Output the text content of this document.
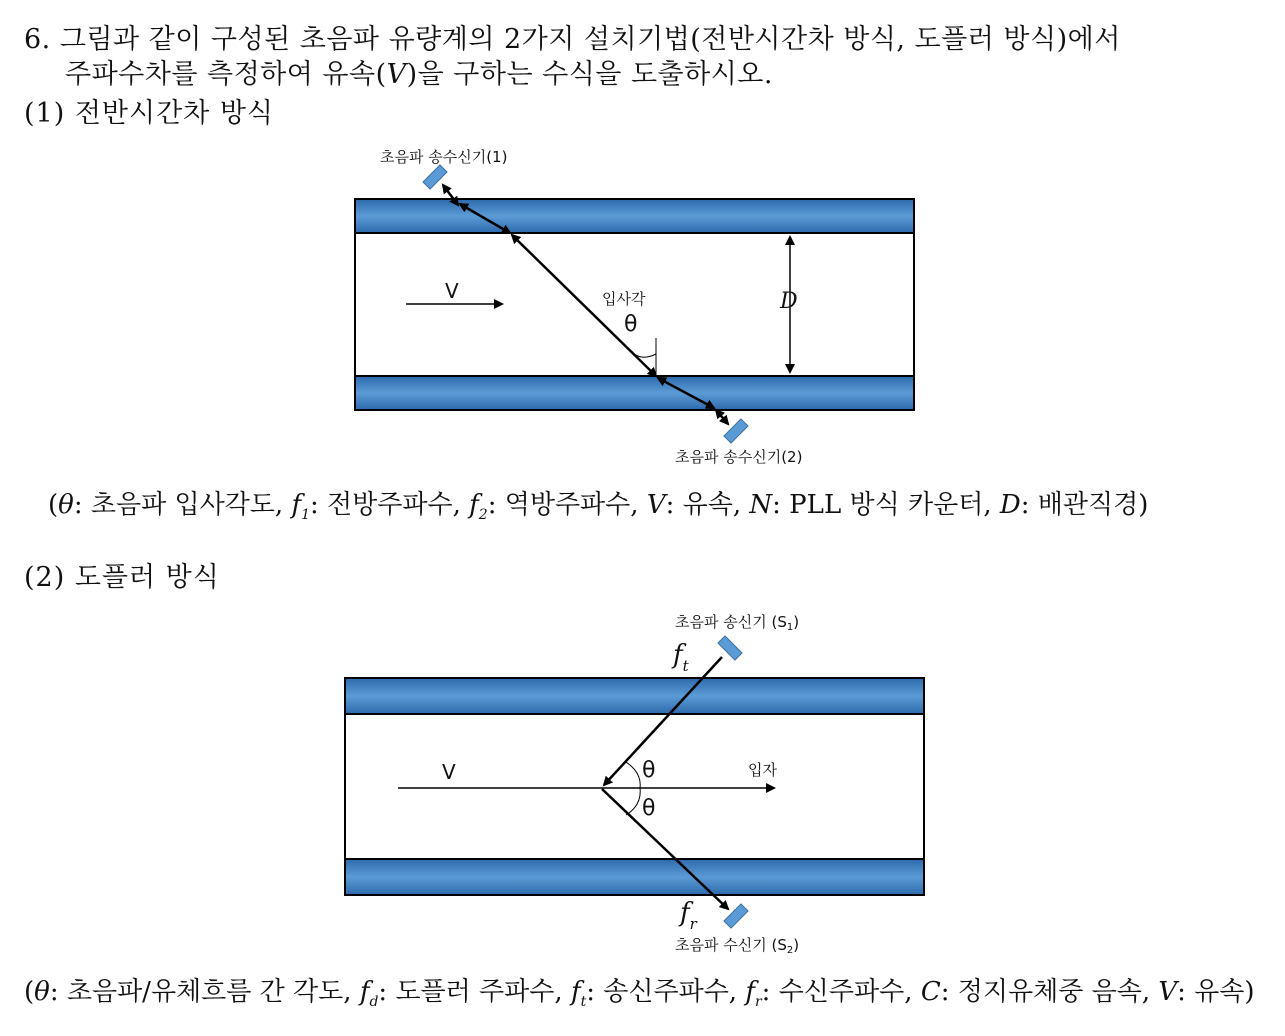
6. 그림과 같이 구성된 초음파 유량계의 2가지 설치기법(전반시간차 방식, 도플러 방식)에서
주파수차를 측정하여 유속(V)을 구하는 수식을 도출하시오.
(1) 전반시간차 방식
초음파 송수신기(1)
초음파 송수신기(2)
V	입사각
θ
D
(θ: 초음파 입사각도, $f_1$: 전방주파수, $f_2$: 역방주파수, V: 유속, N: PLL 방식 카운터, D: 배관직경)
(2) 도플러 방식
초음파 송신기 $(S_1)$
초음파 수신기 $(S_2)$
$f_t$
$f_r$
V	입자
θ
θ
(θ: 초음파/유체흐름 간 각도, $f_d$: 도플러 주파수, $f_t$: 송신주파수, $f_r$: 수신주파수, C: 정지유체중 음속, V: 유속)
